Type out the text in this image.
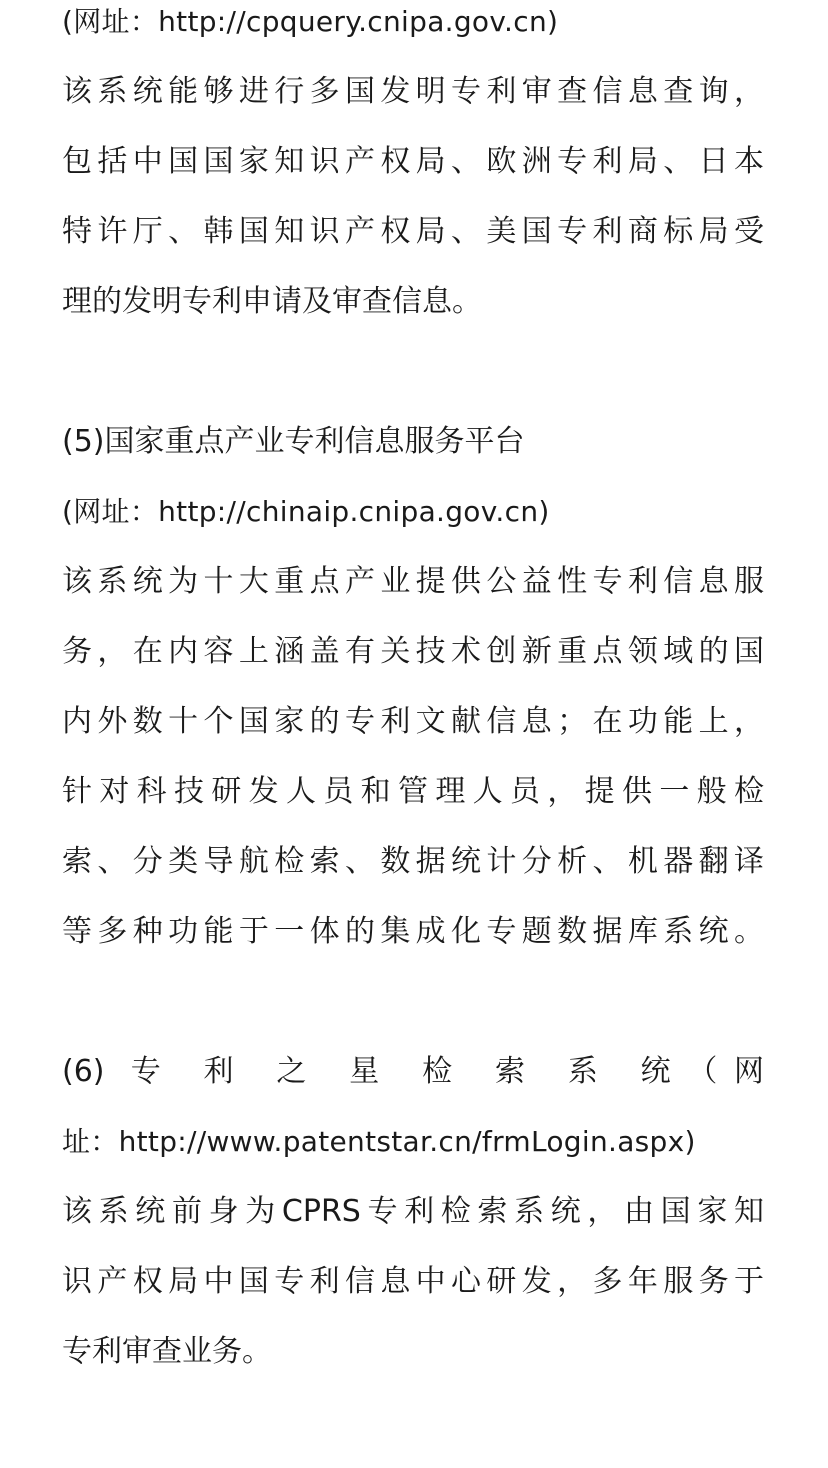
(网址：http://cpquery.cnipa.gov.cn)
该系统能够进行多国发明专利审查信息查询，
包括中国国家知识产权局、欧洲专利局、日本
特许厅、韩国知识产权局、美国专利商标局受
理的发明专利申请及审查信息。
(5)国家重点产业专利信息服务平台
(网址：http://chinaip.cnipa.gov.cn)
该系统为十大重点产业提供公益性专利信息服
务，在内容上涵盖有关技术创新重点领域的国
内外数十个国家的专利文献信息；在功能上，
针对科技研发人员和管理人员，提供一般检
索、分类导航检索、数据统计分析、机器翻译
等多种功能于一体的集成化专题数据库系统。
(6) 专 利 之 星 检 索 系 统（网
址：http://www.patentstar.cn/frmLogin.aspx)
该系统前身为CPRS专利检索系统，由国家知
识产权局中国专利信息中心研发，多年服务于
专利审查业务。
